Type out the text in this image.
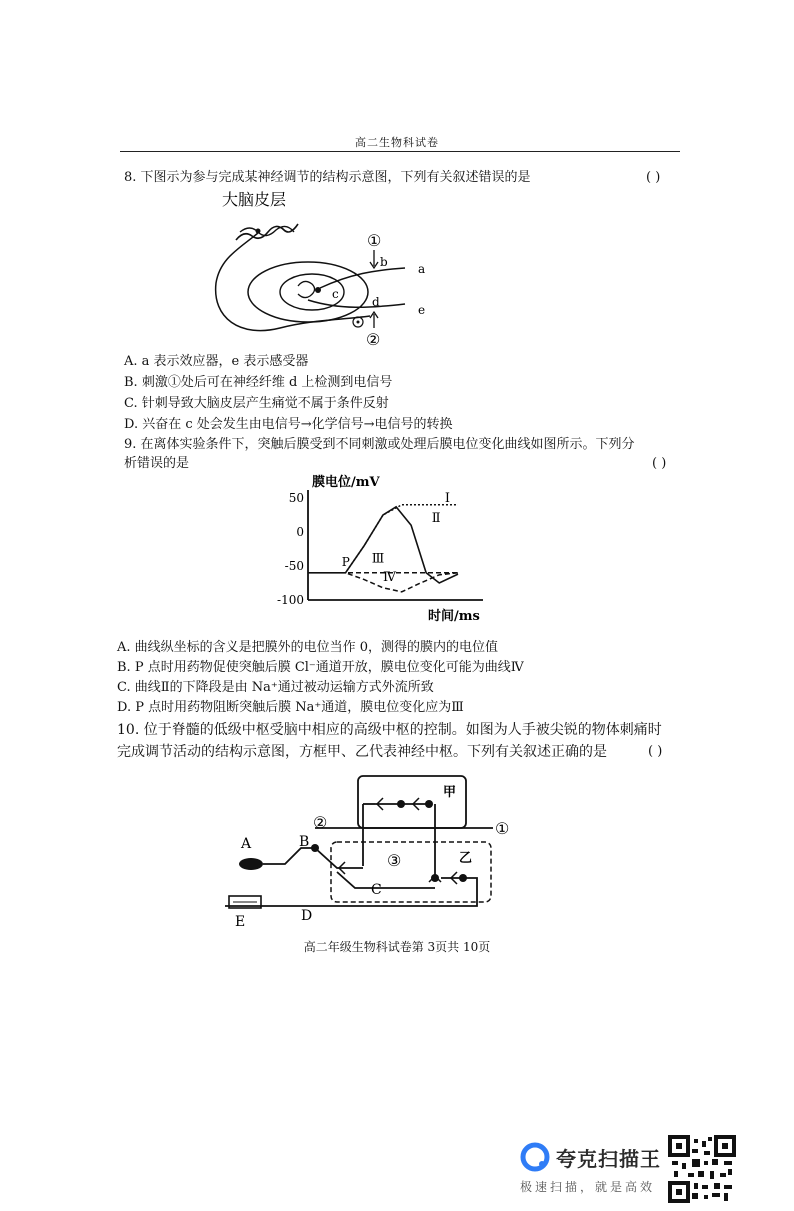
高二生物科试卷
8. 下图示为参与完成某神经调节的结构示意图，下列有关叙述错误的是	( )
大脑皮层
c
a
e
①
b
d
②
A. a 表示效应器，e 表示感受器
B. 刺激①处后可在神经纤维 d 上检测到电信号
C. 针刺导致大脑皮层产生痛觉不属于条件反射
D. 兴奋在 c 处会发生由电信号→化学信号→电信号的转换
9. 在离体实验条件下，突触后膜受到不同刺激或处理后膜电位变化曲线如图所示。下列分
析错误的是	( )
50
0
-50
-100
Ⅰ
Ⅱ
Ⅲ
Ⅳ
膜电位/mV
时间/ms
P
A. 曲线纵坐标的含义是把膜外的电位当作 0，测得的膜内的电位值
B. P 点时用药物促使突触后膜 Cl⁻通道开放，膜电位变化可能为曲线Ⅳ
C. 曲线Ⅱ的下降段是由 Na⁺通过被动运输方式外流所致
D. P 点时用药物阻断突触后膜 Na⁺通道，膜电位变化应为Ⅲ
10. 位于脊髓的低级中枢受脑中相应的高级中枢的控制。如图为人手被尖锐的物体刺痛时
完成调节活动的结构示意图，方框甲、乙代表神经中枢。下列有关叙述正确的是	( )
甲
乙
①
②
A	B
③
C
D
E
高二年级生物科试卷第 3页共 10页
夸克扫描王
极速扫描，就是高效
